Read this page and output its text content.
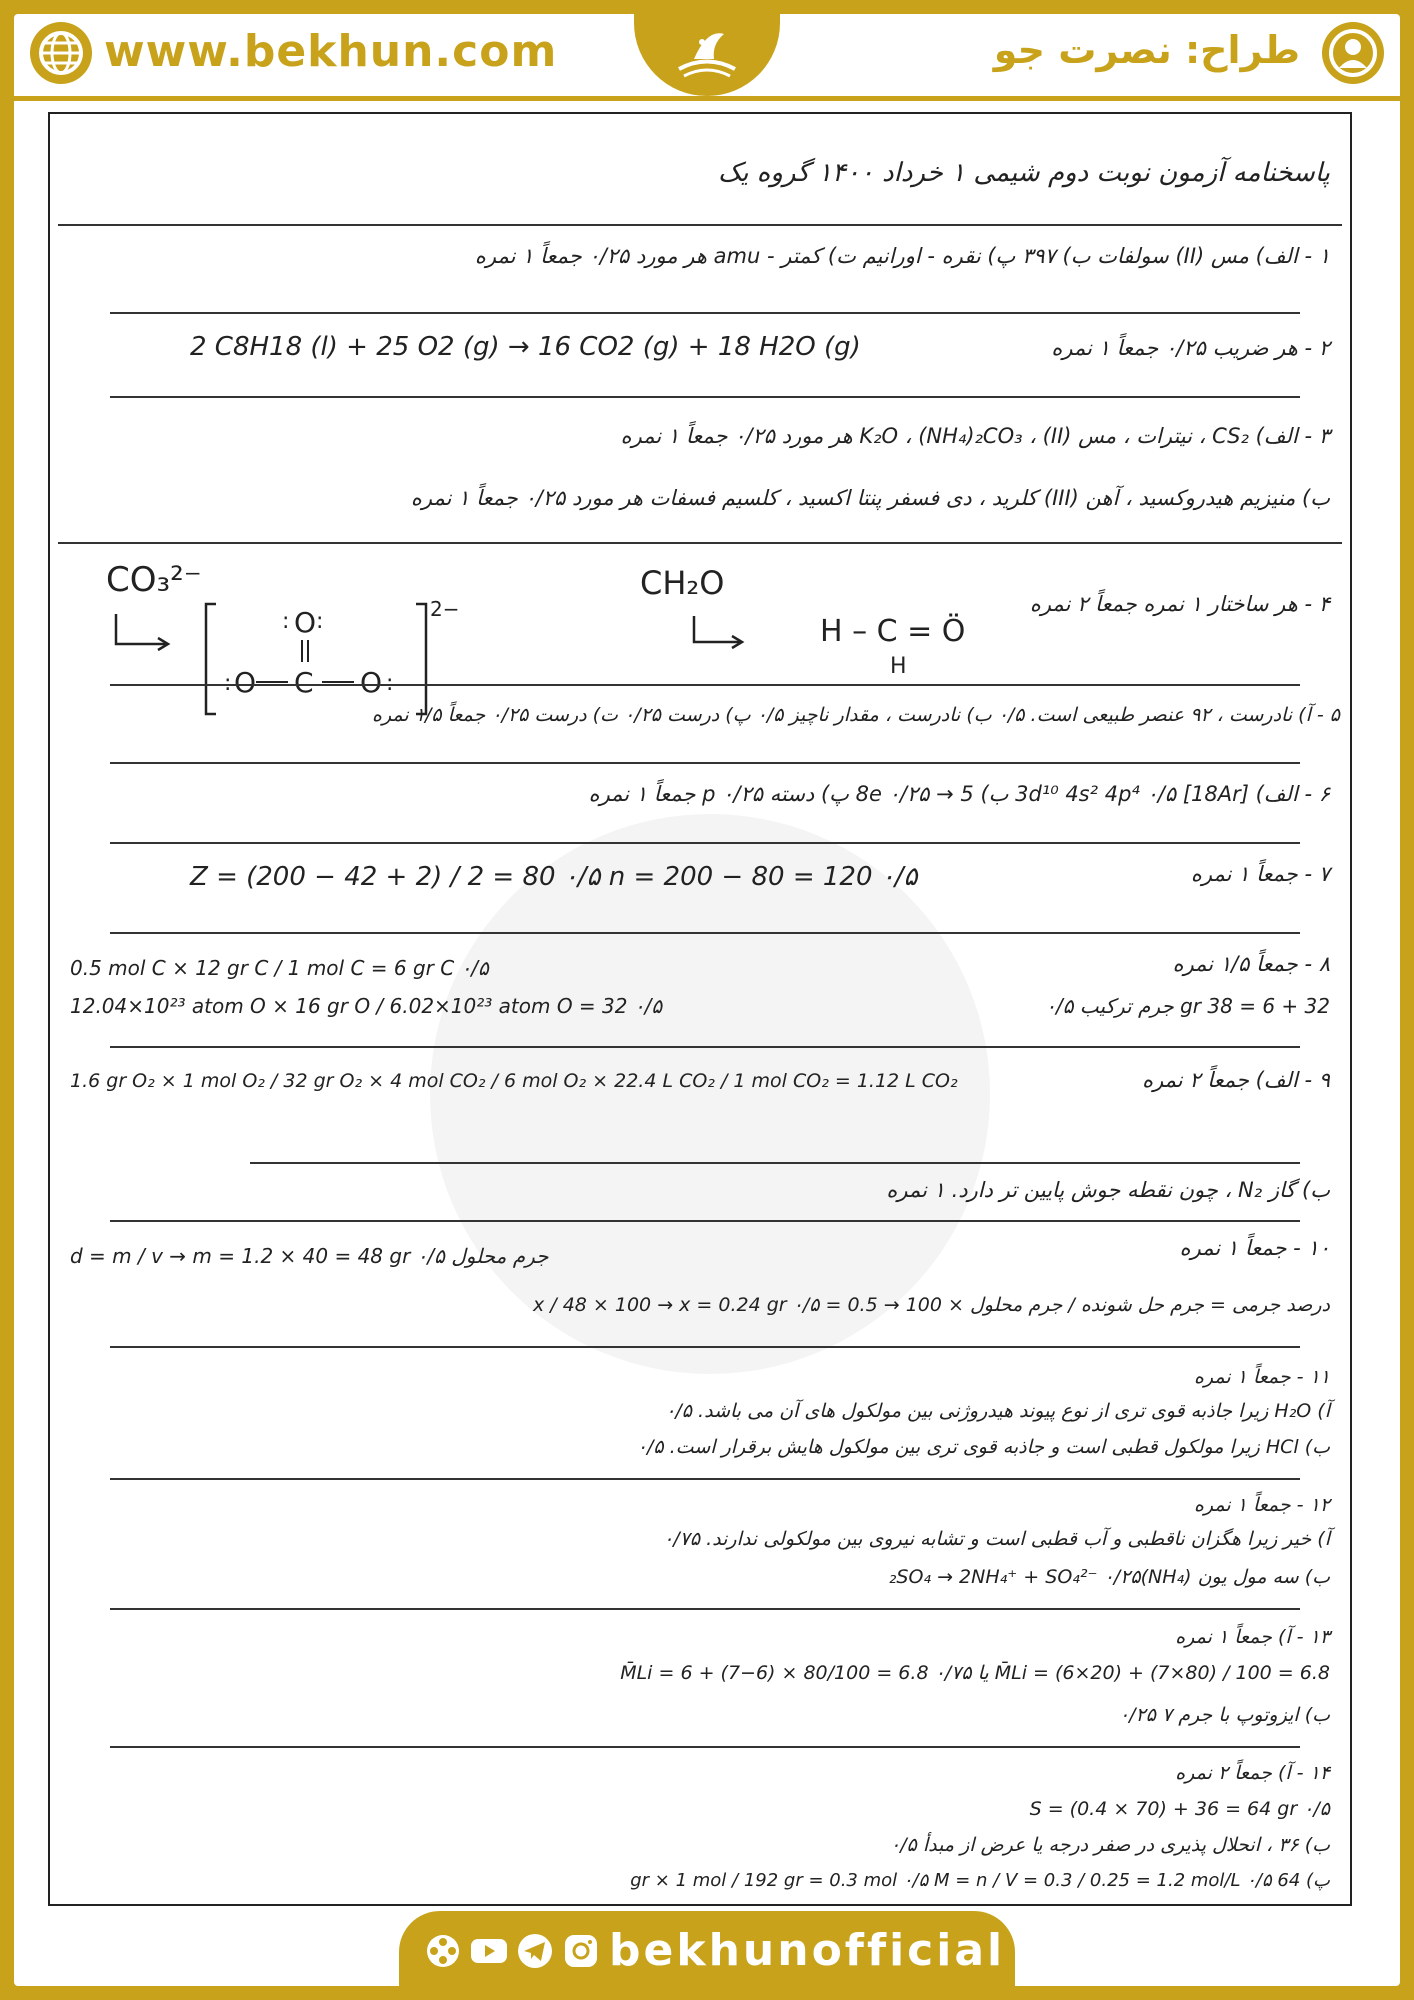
www.bekhun.com	طراح: نصرت جو
پاسخنامه آزمون نوبت دوم شیمی ۱ خرداد ۱۴۰۰ گروه یک
۱ - الف) مس (II) سولفات ب) ۳۹۷ پ) نقره - اورانیم ت) کمتر - amu هر مورد ۰/۲۵ جمعاً ۱ نمره
۲ - هر ضریب ۰/۲۵ جمعاً ۱ نمره
2 C8H18 (l) + 25 O2 (g) → 16 CO2 (g) + 18 H2O (g)
۳ - الف) CS₂ ، نیترات ، مس (II) ، K₂O ، (NH₄)₂CO₃ هر مورد ۰/۲۵ جمعاً ۱ نمره
ب) منیزیم هیدروکسید ، آهن (III) کلرید ، دی فسفر پنتا اکسید ، کلسیم فسفات هر مورد ۰/۲۵ جمعاً ۱ نمره
۴ - هر ساختار ۱ نمره جمعاً ۲ نمره
CO₃²⁻
O
: :
C
O
:	O :
2−
CH₂O
H – C = Ö
H
۵ - آ) نادرست ، ۹۲ عنصر طبیعی است. ۰/۵ ب) نادرست ، مقدار ناچیز ۰/۵ پ) درست ۰/۲۵ ت) درست ۰/۲۵ جمعاً ۱/۵ نمره
۶ - الف) [18Ar] 3d¹⁰ 4s² 4p⁴ ۰/۵ ب) 5 → 8e ۰/۲۵ پ) دسته p ۰/۲۵ جمعاً ۱ نمره
۷ - جمعاً ۱ نمره
Z = (200 − 42 + 2) / 2 = 80 ۰/۵ n = 200 − 80 = 120 ۰/۵
۸ - جمعاً ۱/۵ نمره
0.5 mol C × 12 gr C / 1 mol C = 6 gr C ۰/۵
12.04×10²³ atom O × 16 gr O / 6.02×10²³ atom O = 32 ۰/۵	32 + 6 = 38 gr جرم ترکیب ۰/۵
۹ - الف) جمعاً ۲ نمره
1.6 gr O₂ × 1 mol O₂ / 32 gr O₂ × 4 mol CO₂ / 6 mol O₂ × 22.4 L CO₂ / 1 mol CO₂ = 1.12 L CO₂
ب) گاز N₂ ، چون نقطه جوش پایین تر دارد. ۱ نمره
۱۰ - جمعاً ۱ نمره
d = m / v → m = 1.2 × 40 = 48 gr جرم محلول ۰/۵
درصد جرمی = جرم حل شونده / جرم محلول × 100 → 0.5 = x / 48 × 100 → x = 0.24 gr ۰/۵
۱۱ - جمعاً ۱ نمره
آ) H₂O زیرا جاذبه قوی تری از نوع پیوند هیدروژنی بین مولکول های آن می باشد. ۰/۵
ب) HCl زیرا مولکول قطبی است و جاذبه قوی تری بین مولکول هایش برقرار است. ۰/۵
۱۲ - جمعاً ۱ نمره
آ) خیر زیرا هگزان ناقطبی و آب قطبی است و تشابه نیروی بین مولکولی ندارند. ۰/۷۵
ب) سه مول یون (NH₄)₂SO₄ → 2NH₄⁺ + SO₄²⁻ ۰/۲۵
۱۳ - آ) جمعاً ۱ نمره
M̄Li = (6×20) + (7×80) / 100 = 6.8 یا M̄Li = 6 + (7−6) × 80/100 = 6.8 ۰/۷۵
ب) ایزوتوپ با جرم ۷ ۰/۲۵
۱۴ - آ) جمعاً ۲ نمره
S = (0.4 × 70) + 36 = 64 gr ۰/۵
ب) ۳۶ ، انحلال پذیری در صفر درجه یا عرض از مبدأ ۰/۵
پ) 64 gr × 1 mol / 192 gr = 0.3 mol ۰/۵ M = n / V = 0.3 / 0.25 = 1.2 mol/L ۰/۵
bekhunofficial
